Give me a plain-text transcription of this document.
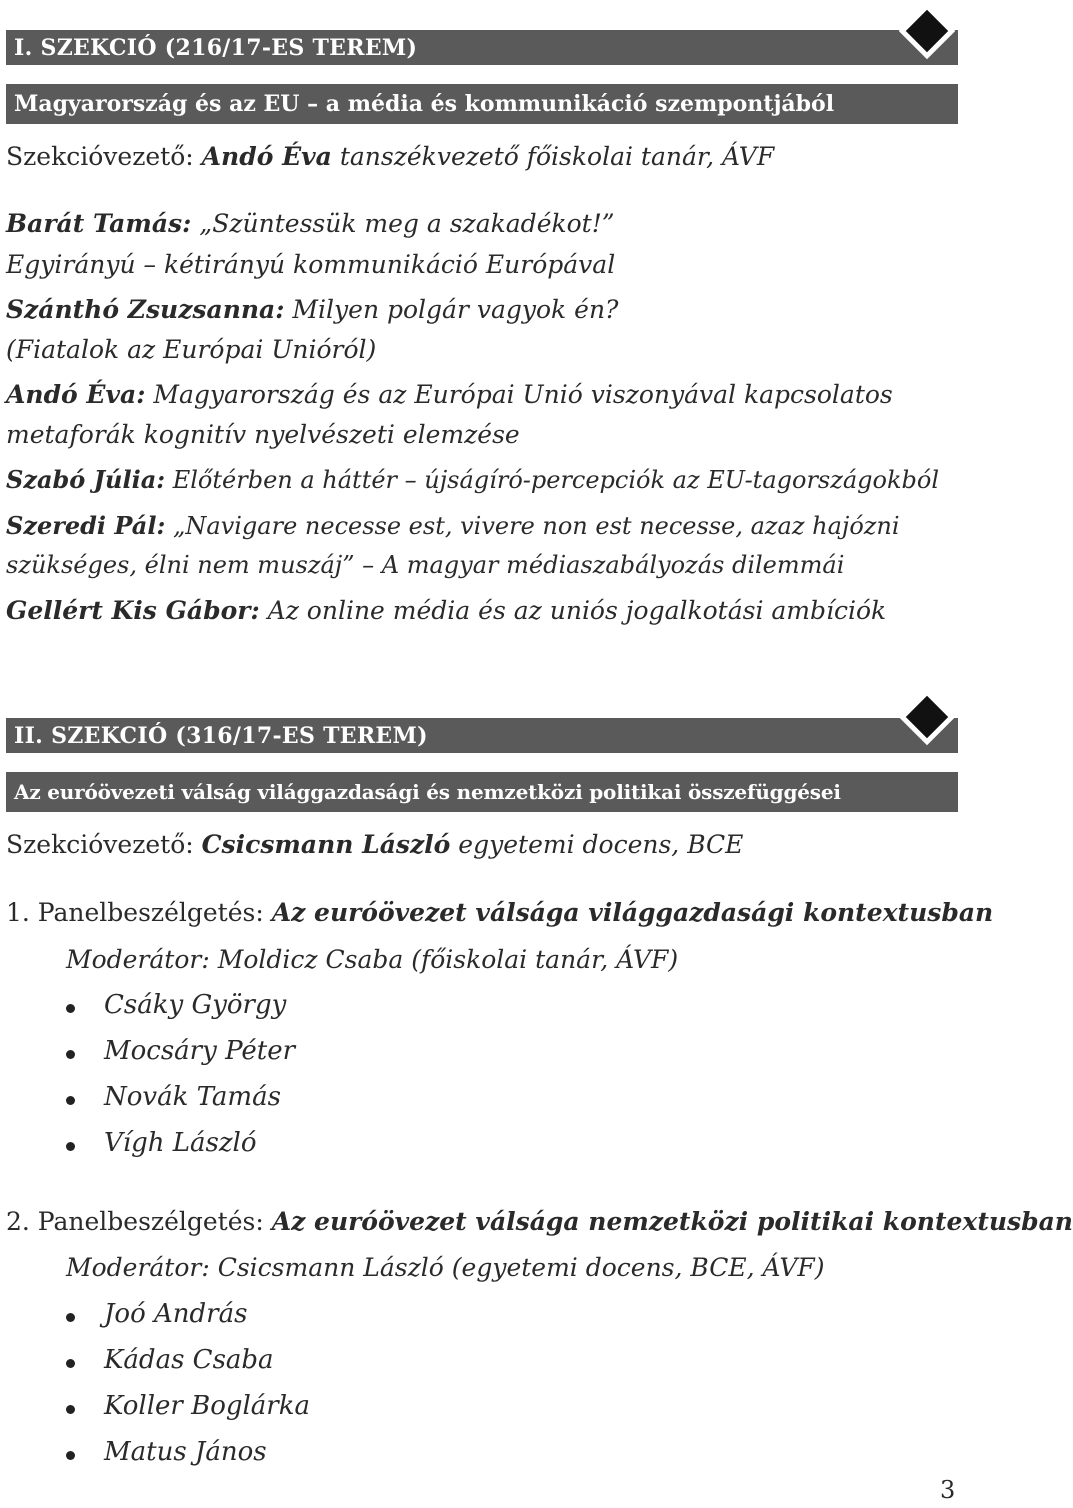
I. SZEKCIÓ (216/17-ES TEREM)
Magyarország és az EU – a média és kommunikáció szempontjából
Szekcióvezető: Andó Éva tanszékvezető főiskolai tanár, ÁVF
Barát Tamás: „Szüntessük meg a szakadékot!”
Egyirányú – kétirányú kommunikáció Európával
Szánthó Zsuzsanna: Milyen polgár vagyok én?
(Fiatalok az Európai Unióról)
Andó Éva: Magyarország és az Európai Unió viszonyával kapcsolatos
metaforák kognitív nyelvészeti elemzése
Szabó Júlia: Előtérben a háttér – újságíró-percepciók az EU-tagországokból
Szeredi Pál: „Navigare necesse est, vivere non est necesse, azaz hajózni
szükséges, élni nem muszáj” – A magyar médiaszabályozás dilemmái
Gellért Kis Gábor: Az online média és az uniós jogalkotási ambíciók
II. SZEKCIÓ (316/17-ES TEREM)
Az euróövezeti válság világgazdasági és nemzetközi politikai összefüggései
Szekcióvezető: Csicsmann László egyetemi docens, BCE
1. Panelbeszélgetés: Az euróövezet válsága világgazdasági kontextusban
Moderátor: Moldicz Csaba (főiskolai tanár, ÁVF)
Csáky György
Mocsáry Péter
Novák Tamás
Vígh László
2. Panelbeszélgetés: Az euróövezet válsága nemzetközi politikai kontextusban
Moderátor: Csicsmann László (egyetemi docens, BCE, ÁVF)
Joó András
Kádas Csaba
Koller Boglárka
Matus János
3
